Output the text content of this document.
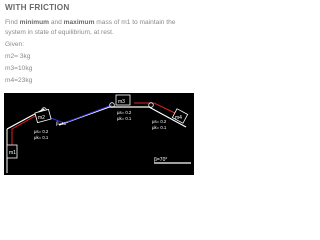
WITH FRICTION
Find minimum and maximum mass of m1 to maintain the system in state of equilibrium, at rest.
Given:
m2= 3kg
m3=10kg
m4=23kg
m1
m2
m3
m4
β=40°
β=70°
μs= 0.2
μk= 0.1
μs= 0.2
μk= 0.1
μs= 0.2
μk= 0.1
